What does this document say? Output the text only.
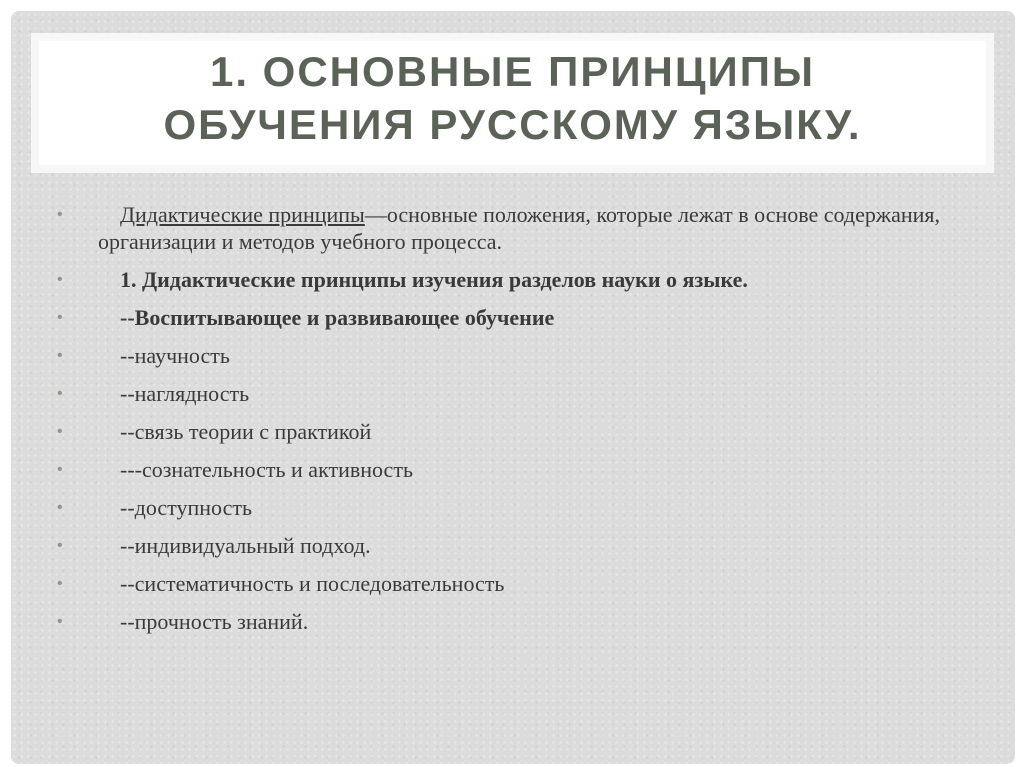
1. ОСНОВНЫЕ ПРИНЦИПЫ
ОБУЧЕНИЯ РУССКОМУ ЯЗЫКУ.
•	Дидактические принципы—основные положения, которые лежат в основе содержания, организации и методов учебного процесса.
•	1. Дидактические принципы изучения разделов науки о языке.
•	--Воспитывающее и развивающее обучение
•	--научность
•	--наглядность
•	--связь теории с практикой
•	---сознательность и активность
•	--доступность
•	--индивидуальный подход.
•	--систематичность и последовательность
•	--прочность знаний.
